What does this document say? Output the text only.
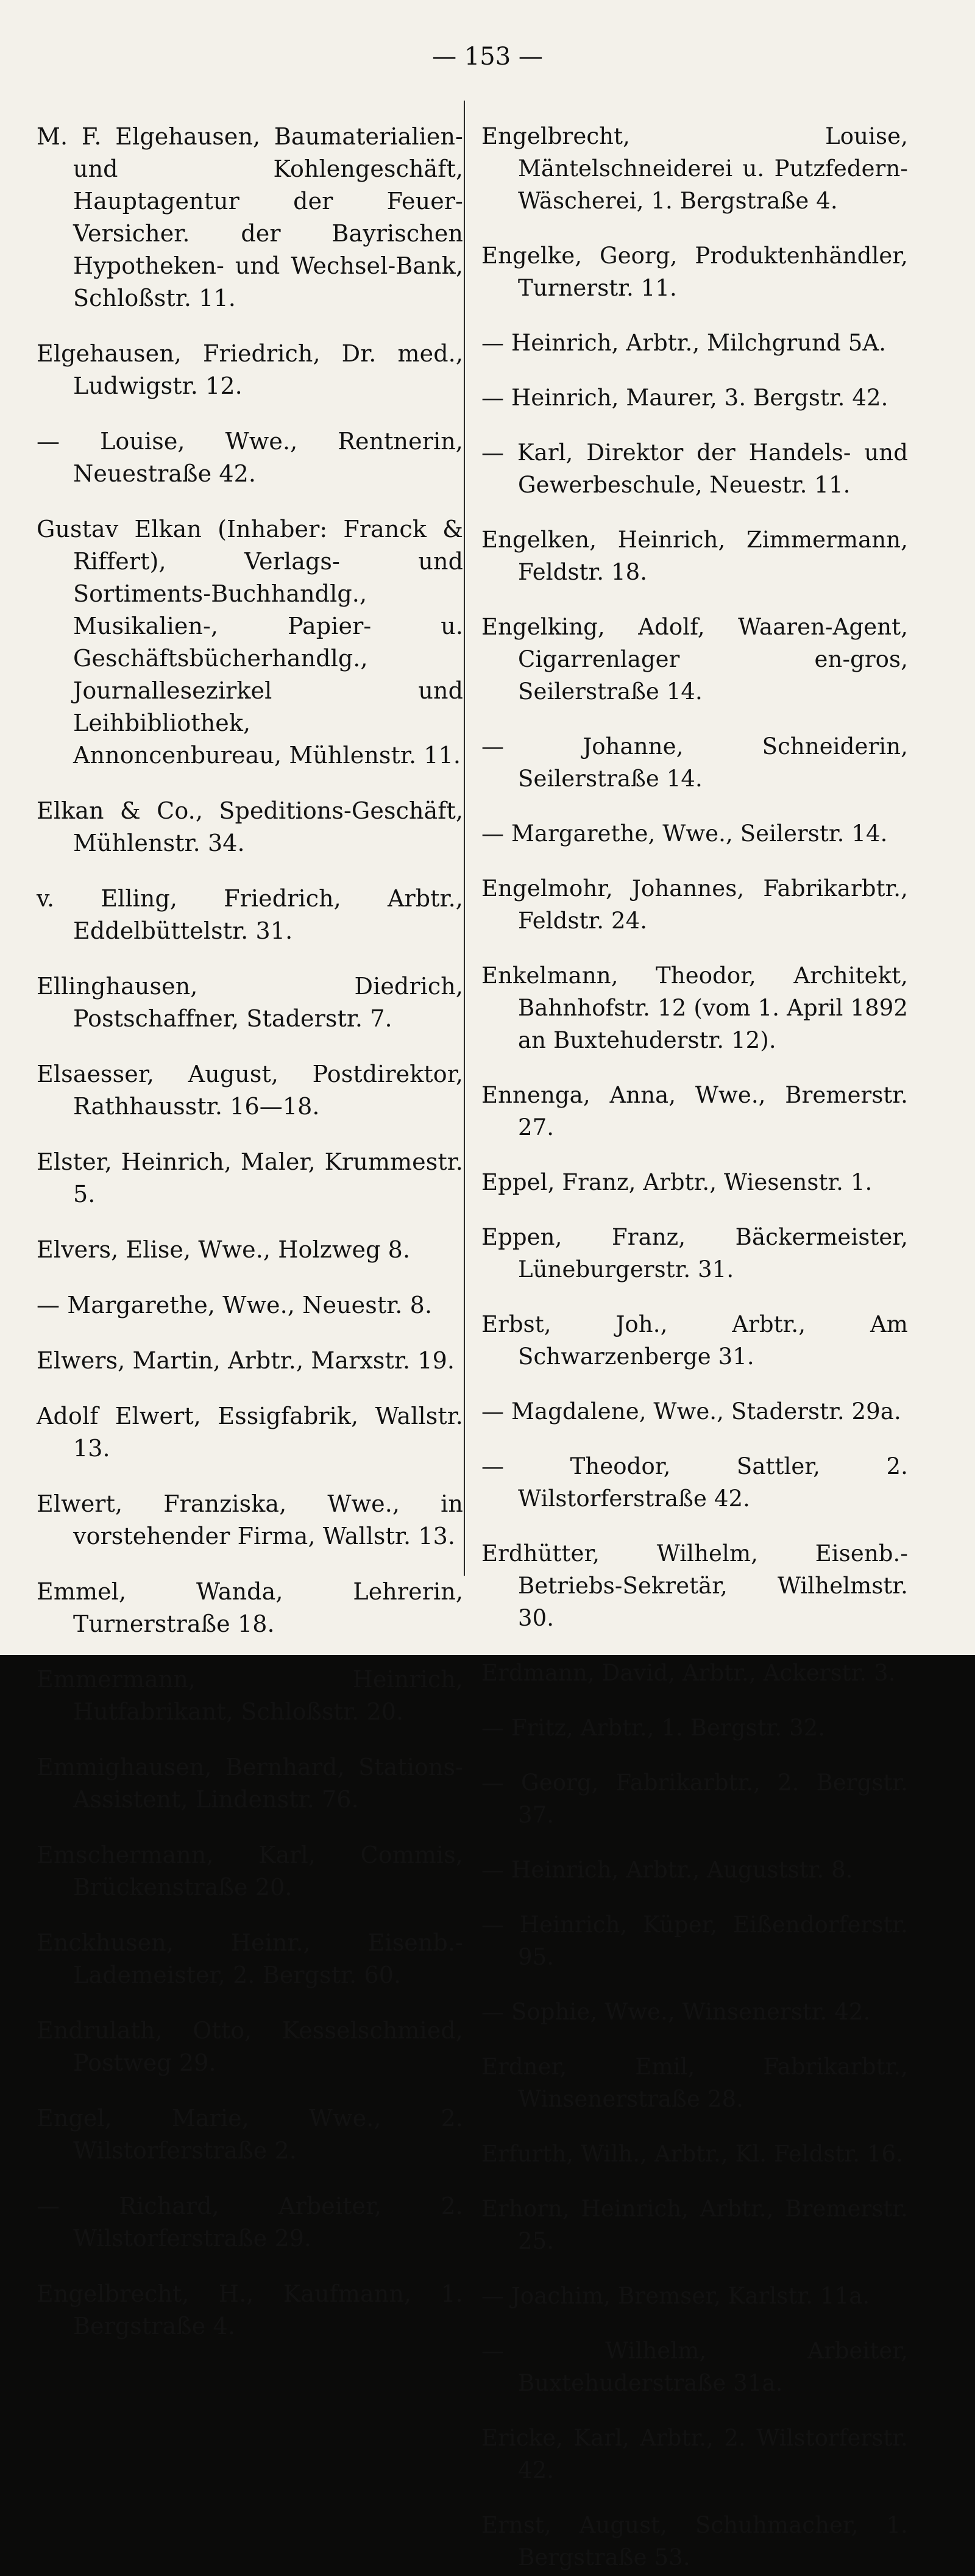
— 153 —

M. F. Elgehausen, Baumaterialien- und Kohlengeschäft, Hauptagentur der Feuer-Versicher. der Bayrischen Hypotheken- und Wechsel-Bank, Schloßstr. 11.

Elgehausen, Friedrich, Dr. med., Ludwigstr. 12.

— Louise, Wwe., Rentnerin, Neuestraße 42.

Gustav Elkan (Inhaber: Franck & Riffert), Verlags- und Sortiments-Buchhandlg., Musikalien-, Papier- u. Geschäftsbücherhandlg., Journallesezirkel und Leihbibliothek, Annoncenbureau, Mühlenstr. 11.

Elkan & Co., Speditions-Geschäft, Mühlenstr. 34.

v. Elling, Friedrich, Arbtr., Eddelbüttelstr. 31.

Ellinghausen, Diedrich, Postschaffner, Staderstr. 7.

Elsaesser, August, Postdirektor, Rathhausstr. 16—18.

Elster, Heinrich, Maler, Krummestr. 5.

Elvers, Elise, Wwe., Holzweg 8.

— Margarethe, Wwe., Neuestr. 8.

Elwers, Martin, Arbtr., Marxstr. 19.

Adolf Elwert, Essigfabrik, Wallstr. 13.

Elwert, Franziska, Wwe., in vorstehender Firma, Wallstr. 13.

Emmel, Wanda, Lehrerin, Turnerstraße 18.

Emmermann, Heinrich, Hutfabrikant, Schloßstr. 20.

Emmighausen, Bernhard, Stations-Assistent, Lindenstr. 76.

Emschermann, Karl, Commis, Brückenstraße 20.

Enckhusen, Heinr., Eisenb.-Lademeister, 2. Bergstr. 60.

Endrulath, Otto, Kesselschmied, Postweg 29.

Engel, Marie, Wwe., 2. Wilstorferstraße 2.

— Richard, Arbeiter, 2. Wilstorferstraße 29.

Engelbrecht, H., Kaufmann, 1. Bergstraße 4.

Engelbrecht, Louise, Mäntelschneiderei u. Putzfedern-Wäscherei, 1. Bergstraße 4.

Engelke, Georg, Produktenhändler, Turnerstr. 11.

— Heinrich, Arbtr., Milchgrund 5A.

— Heinrich, Maurer, 3. Bergstr. 42.

— Karl, Direktor der Handels- und Gewerbeschule, Neuestr. 11.

Engelken, Heinrich, Zimmermann, Feldstr. 18.

Engelking, Adolf, Waaren-Agent, Cigarrenlager en-gros, Seilerstraße 14.

— Johanne, Schneiderin, Seilerstraße 14.

— Margarethe, Wwe., Seilerstr. 14.

Engelmohr, Johannes, Fabrikarbtr., Feldstr. 24.

Enkelmann, Theodor, Architekt, Bahnhofstr. 12 (vom 1. April 1892 an Buxtehuderstr. 12).

Ennenga, Anna, Wwe., Bremerstr. 27.

Eppel, Franz, Arbtr., Wiesenstr. 1.

Eppen, Franz, Bäckermeister, Lüneburgerstr. 31.

Erbst, Joh., Arbtr., Am Schwarzenberge 31.

— Magdalene, Wwe., Staderstr. 29a.

— Theodor, Sattler, 2. Wilstorferstraße 42.

Erdhütter, Wilhelm, Eisenb.-Betriebs-Sekretär, Wilhelmstr. 30.

Erdmann, David, Arbtr., Ackerstr. 3.

— Fritz, Arbtr., 1. Bergstr. 32.

— Georg, Fabrikarbtr., 2. Bergstr. 37.

— Heinrich, Arbtr., Auguststr. 8.

— Heinrich, Küper, Eißendorferstr. 95.

— Sophie, Wwe., Winsenerstr. 42.

Erdner, Emil, Fabrikarbtr., Winsenerstraße 28.

Erfurth, Wilh., Arbtr., Kl. Feldstr. 16.

Erhorn, Heinrich, Arbtr., Bremerstr. 25.

— Joachim, Bremser, Karlstr. 11a.

— Wilhelm, Arbeiter, Buxtehuderstraße 31a.

Ericke, Karl, Arbtr., 2. Wilstorferstr. 42.

Ernst, August, Schuhmacher, 1. Bergstraße 53.
